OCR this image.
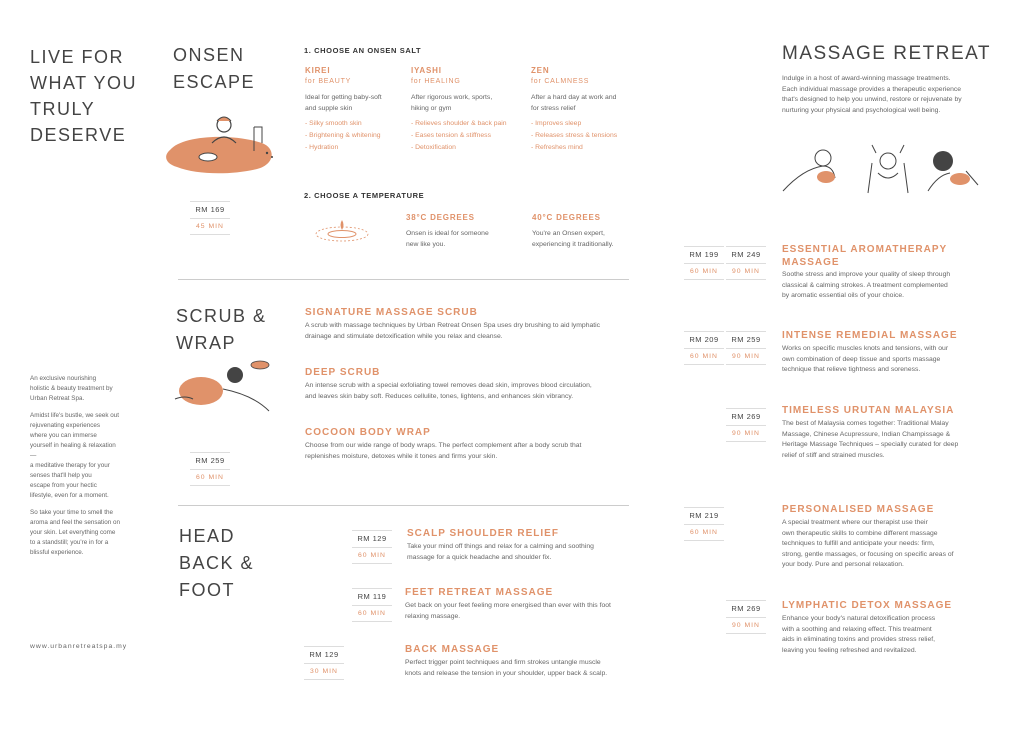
LIVE FOR
WHAT YOU
TRULY
DESERVE
An exclusive nourishing
holistic & beauty treatment by
Urban Retreat Spa.
Amidst life's bustle, we seek out
rejuvenating experiences
where you can immerse
yourself in healing & relaxation
—
a meditative therapy for your
senses that'll help you
escape from your hectic
lifestyle, even for a moment.
So take your time to smell the
aroma and feel the sensation on
your skin. Let everything come
to a standstill; you're in for a
blissful experience.
www.urbanretreatspa.my
ONSEN
ESCAPE
RM 169
45 MIN
1. CHOOSE AN ONSEN SALT
KIREI
for BEAUTY
Ideal for getting baby-soft
and supple skin
- Silky smooth skin
- Brightening & whitening
- Hydration
IYASHI
for HEALING
After rigorous work, sports,
hiking or gym
- Relieves shoulder & back pain
- Eases tension & stiffness
- Detoxification
ZEN
for CALMNESS
After a hard day at work and
for stress relief
- Improves sleep
- Releases stress & tensions
- Refreshes mind
2. CHOOSE A TEMPERATURE
38°C DEGREES
Onsen is ideal for someone
new like you.
40°C DEGREES
You're an Onsen expert,
experiencing it traditionally.
SCRUB &
WRAP
RM 259
60 MIN
SIGNATURE MASSAGE SCRUB
A scrub with massage techniques by Urban Retreat Onsen Spa uses dry brushing to aid lymphatic
drainage and stimulate detoxification while you relax and cleanse.
DEEP SCRUB
An intense scrub with a special exfoliating towel removes dead skin, improves blood circulation,
and leaves skin baby soft. Reduces cellulite, tones, lightens, and enhances skin vibrancy.
COCOON BODY WRAP
Choose from our wide range of body wraps. The perfect complement after a body scrub that
replenishes moisture, detoxes while it tones and firms your skin.
HEAD
BACK &
FOOT
RM 129
60 MIN
SCALP SHOULDER RELIEF
Take your mind off things and relax for a calming and soothing
massage for a quick headache and shoulder fix.
RM 119
60 MIN
FEET RETREAT MASSAGE
Get back on your feet feeling more energised than ever with this foot
relaxing massage.
RM 129
30 MIN
BACK MASSAGE
Perfect trigger point techniques and firm strokes untangle muscle
knots and release the tension in your shoulder, upper back & scalp.
MASSAGE RETREAT
Indulge in a host of award-winning massage treatments.
Each individual massage provides a therapeutic experience
that's designed to help you unwind, restore or rejuvenate by
nurturing your physical and psychological well being.
RM 199
60 MIN
RM 249
90 MIN
ESSENTIAL AROMATHERAPY
MASSAGE
Soothe stress and improve your quality of sleep through
classical & calming strokes. A treatment complemented
by aromatic essential oils of your choice.
RM 209
60 MIN
RM 259
90 MIN
INTENSE REMEDIAL MASSAGE
Works on specific muscles knots and tensions, with our
own combination of deep tissue and sports massage
technique that relieve tightness and soreness.
RM 269
90 MIN
TIMELESS URUTAN MALAYSIA
The best of Malaysia comes together: Traditional Malay
Massage, Chinese Acupressure, Indian Champissage &
Heritage Massage Techniques – specially curated for deep
relief of stiff and strained muscles.
RM 219
60 MIN
PERSONALISED MASSAGE
A special treatment where our therapist use their
own therapeutic skills to combine different massage
techniques to fulfill and anticipate your needs: firm,
strong, gentle massages, or focusing on specific areas of
your body. Pure and personal relaxation.
RM 269
90 MIN
LYMPHATIC DETOX MASSAGE
Enhance your body's natural detoxification process
with a soothing and relaxing effect. This treatment
aids in eliminating toxins and provides stress relief,
leaving you feeling refreshed and revitalized.
